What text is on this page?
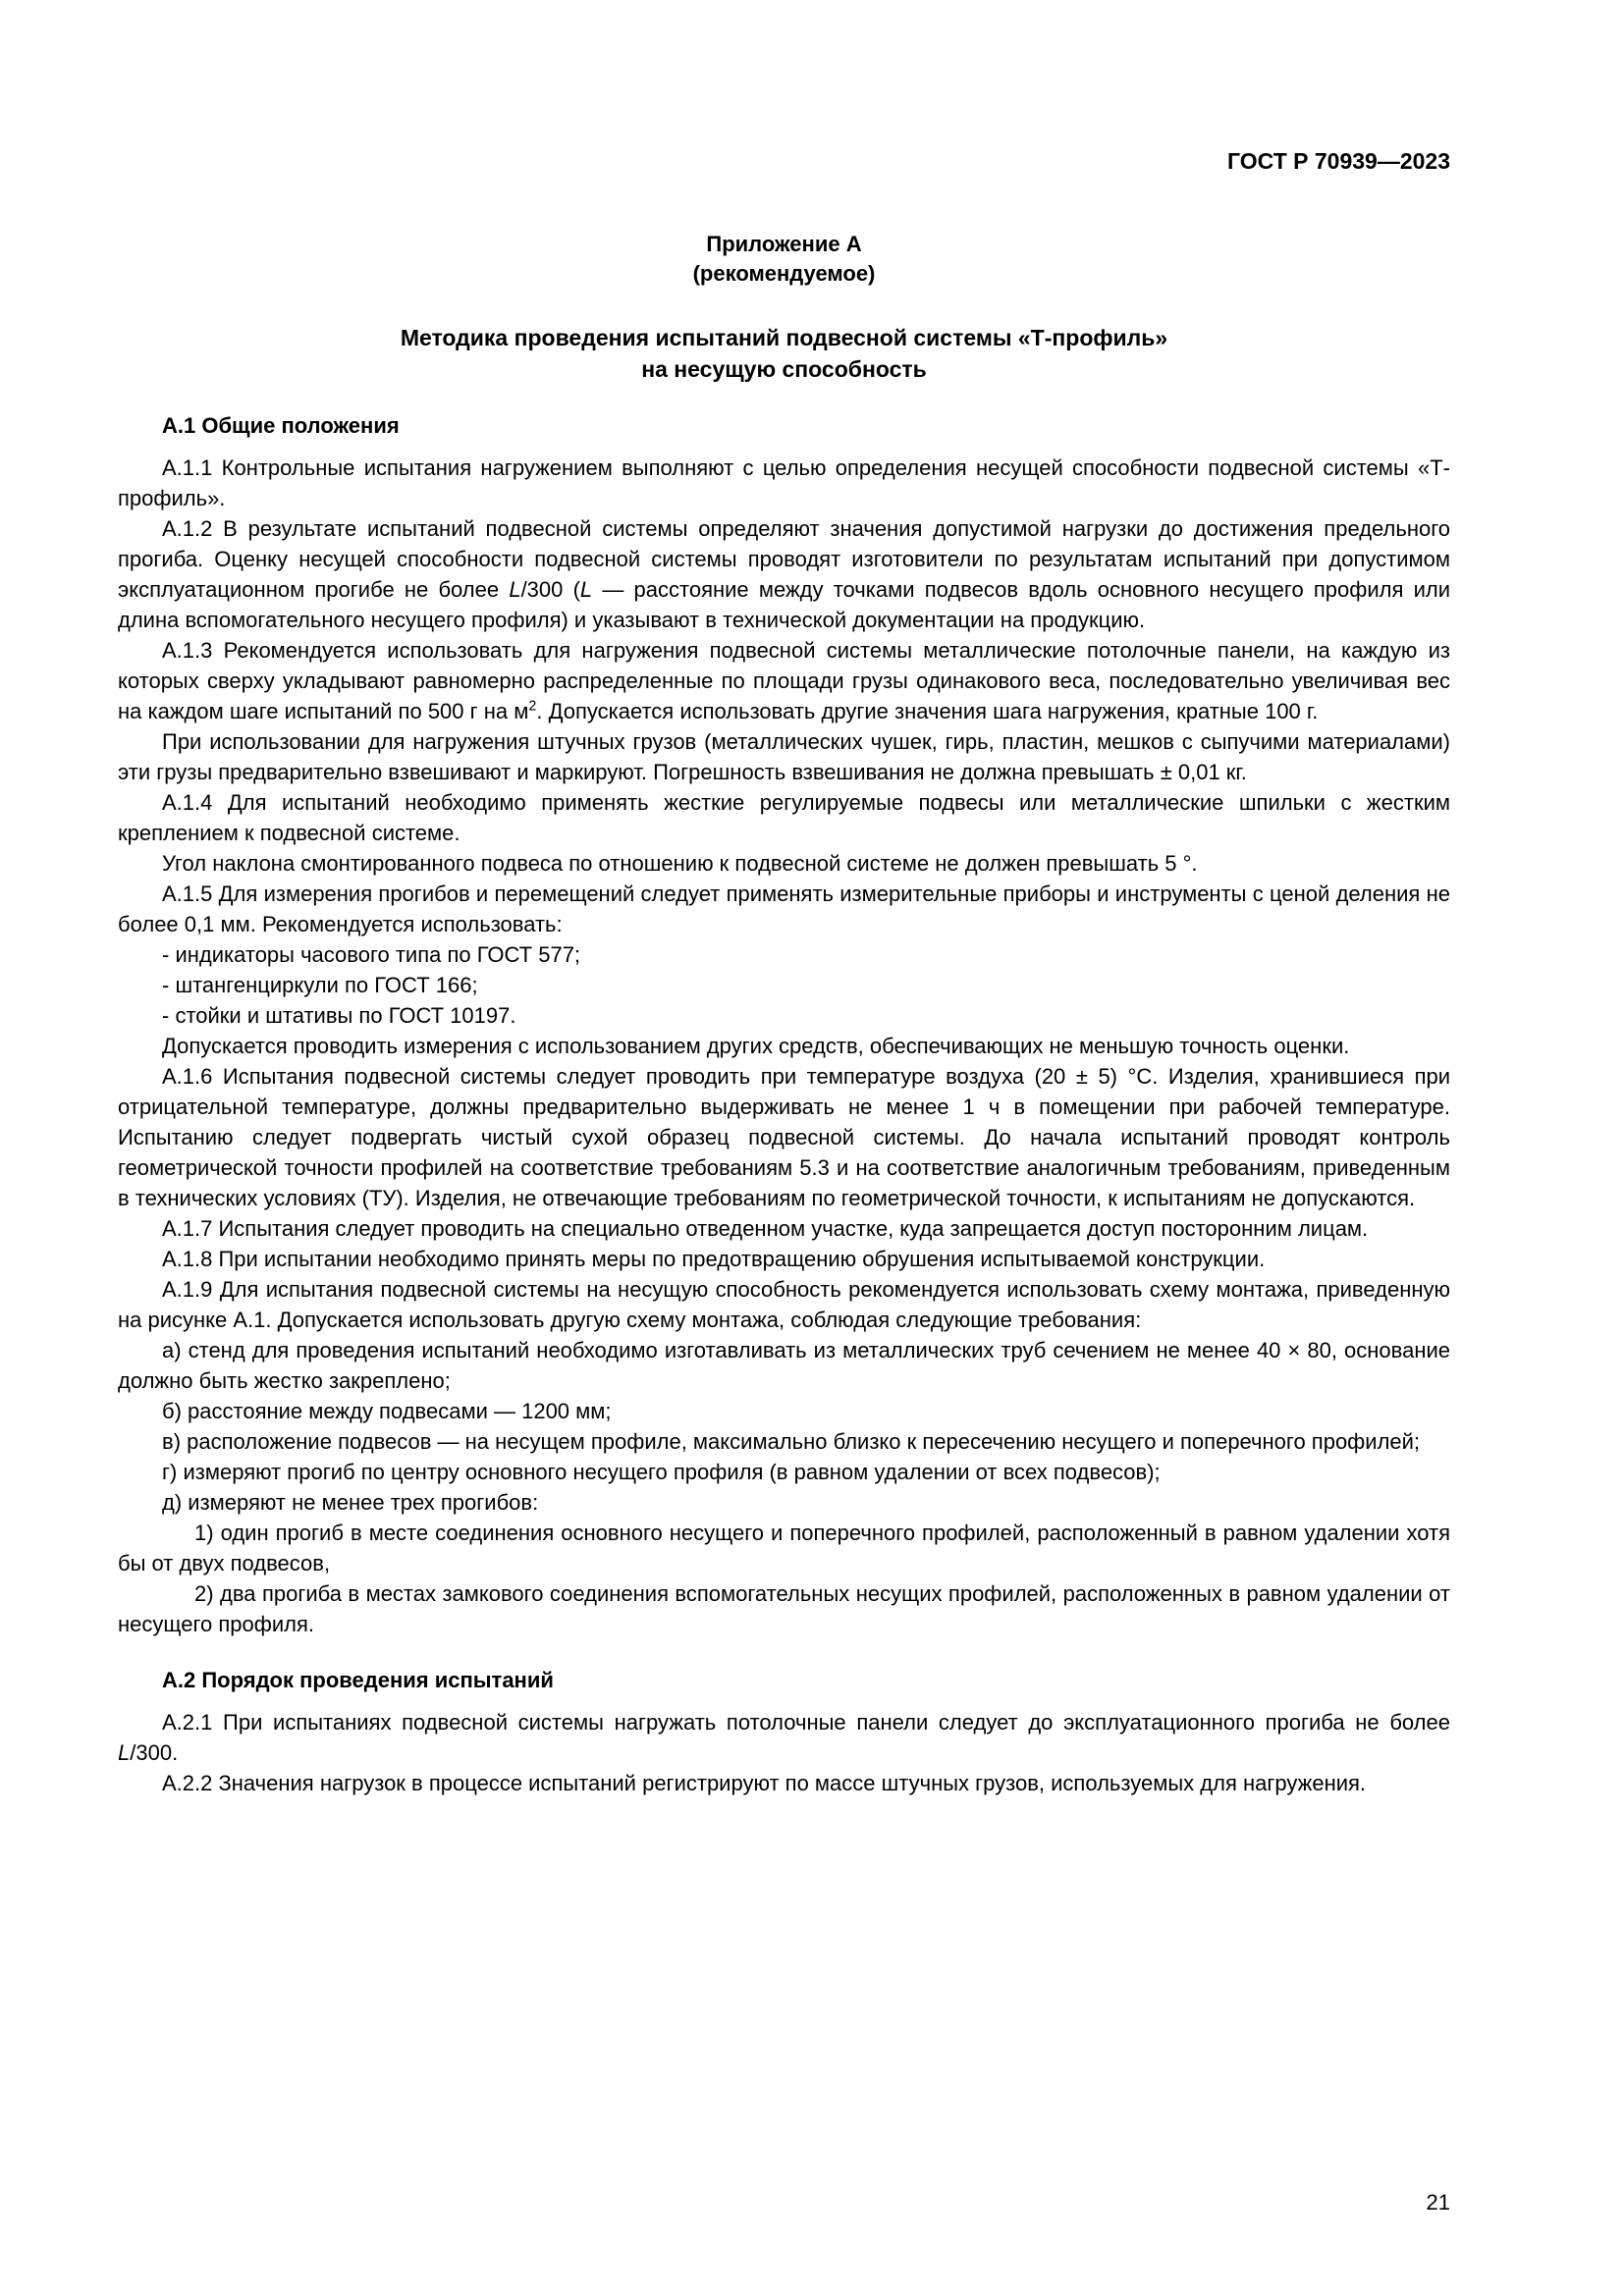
ГОСТ Р 70939—2023
Приложение А
(рекомендуемое)
Методика проведения испытаний подвесной системы «Т-профиль»
на несущую способность

А.1 Общие положения

А.1.1 Контрольные испытания нагружением выполняют с целью определения несущей способности подвесной системы «Т-профиль».

А.1.2 В результате испытаний подвесной системы определяют значения допустимой нагрузки до достижения предельного прогиба. Оценку несущей способности подвесной системы проводят изготовители по результатам испытаний при допустимом эксплуатационном прогибе не более L/300 (L — расстояние между точками подвесов вдоль основного несущего профиля или длина вспомогательного несущего профиля) и указывают в технической документации на продукцию.

А.1.3 Рекомендуется использовать для нагружения подвесной системы металлические потолочные панели, на каждую из которых сверху укладывают равномерно распределенные по площади грузы одинакового веса, последовательно увеличивая вес на каждом шаге испытаний по 500 г на $м^2$. Допускается использовать другие значения шага нагружения, кратные 100 г.

При использовании для нагружения штучных грузов (металлических чушек, гирь, пластин, мешков с сыпучими материалами) эти грузы предварительно взвешивают и маркируют. Погрешность взвешивания не должна превышать ± 0,01 кг.

А.1.4 Для испытаний необходимо применять жесткие регулируемые подвесы или металлические шпильки с жестким креплением к подвесной системе.

Угол наклона смонтированного подвеса по отношению к подвесной системе не должен превышать 5 °.

А.1.5 Для измерения прогибов и перемещений следует применять измерительные приборы и инструменты с ценой деления не более 0,1 мм. Рекомендуется использовать:

- индикаторы часового типа по ГОСТ 577;

- штангенциркули по ГОСТ 166;

- стойки и штативы по ГОСТ 10197.

Допускается проводить измерения с использованием других средств, обеспечивающих не меньшую точность оценки.

А.1.6 Испытания подвесной системы следует проводить при температуре воздуха (20 ± 5) °С. Изделия, хранившиеся при отрицательной температуре, должны предварительно выдерживать не менее 1 ч в помещении при рабочей температуре. Испытанию следует подвергать чистый сухой образец подвесной системы. До начала испытаний проводят контроль геометрической точности профилей на соответствие требованиям 5.3 и на соответствие аналогичным требованиям, приведенным в технических условиях (ТУ). Изделия, не отвечающие требованиям по геометрической точности, к испытаниям не допускаются.

А.1.7 Испытания следует проводить на специально отведенном участке, куда запрещается доступ посторонним лицам.

А.1.8 При испытании необходимо принять меры по предотвращению обрушения испытываемой конструкции.

А.1.9 Для испытания подвесной системы на несущую способность рекомендуется использовать схему монтажа, приведенную на рисунке А.1. Допускается использовать другую схему монтажа, соблюдая следующие требования:

а) стенд для проведения испытаний необходимо изготавливать из металлических труб сечением не менее 40 × 80, основание должно быть жестко закреплено;

б) расстояние между подвесами — 1200 мм;

в) расположение подвесов — на несущем профиле, максимально близко к пересечению несущего и поперечного профилей;

г) измеряют прогиб по центру основного несущего профиля (в равном удалении от всех подвесов);

д) измеряют не менее трех прогибов:

1) один прогиб в месте соединения основного несущего и поперечного профилей, расположенный в равном удалении хотя бы от двух подвесов,

2) два прогиба в местах замкового соединения вспомогательных несущих профилей, расположенных в равном удалении от несущего профиля.

А.2 Порядок проведения испытаний

А.2.1 При испытаниях подвесной системы нагружать потолочные панели следует до эксплуатационного прогиба не более L/300.

А.2.2 Значения нагрузок в процессе испытаний регистрируют по массе штучных грузов, используемых для нагружения.

21
